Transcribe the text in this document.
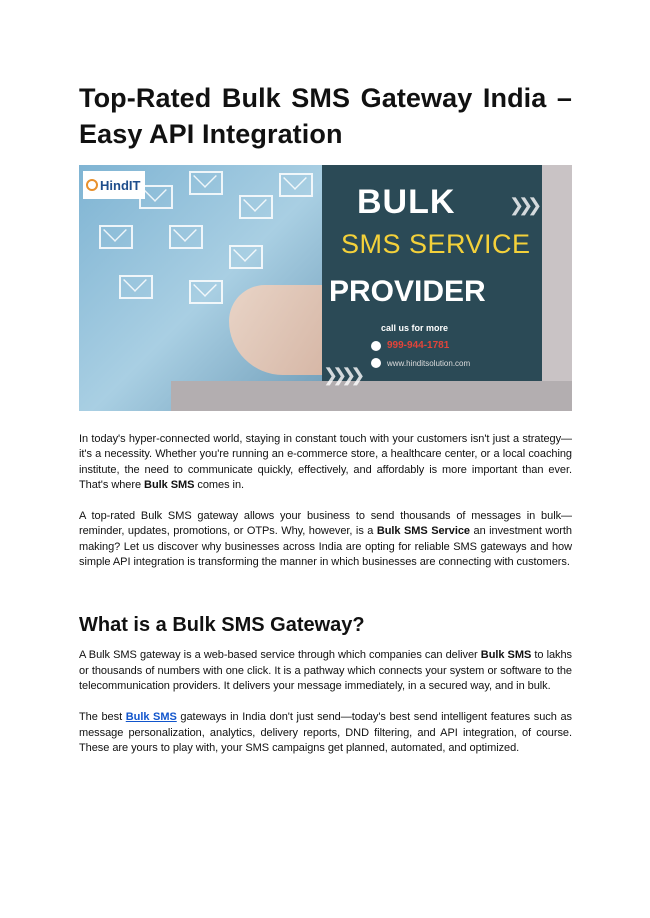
Top-Rated Bulk SMS Gateway India – Easy API Integration
❯❯❯❯
❯❯❯
HindIT	BULK
SMS SERVICE
PROVIDER
call us for more
999-944-1781
www.hinditsolution.com

In today's hyper-connected world, staying in constant touch with your customers isn't just a strategy—it's a necessity. Whether you're running an e-commerce store, a healthcare center, or a local coaching institute, the need to communicate quickly, effectively, and affordably is more important than ever. That's where Bulk SMS comes in.

A top-rated Bulk SMS gateway allows your business to send thousands of messages in bulk—reminder, updates, promotions, or OTPs. Why, however, is a Bulk SMS Service an investment worth making? Let us discover why businesses across India are opting for reliable SMS gateways and how simple API integration is transforming the manner in which businesses are connecting with customers.

What is a Bulk SMS Gateway?

A Bulk SMS gateway is a web-based service through which companies can deliver Bulk SMS to lakhs or thousands of numbers with one click. It is a pathway which connects your system or software to the telecommunication providers. It delivers your message immediately, in a secured way, and in bulk.

The best Bulk SMS gateways in India don't just send—today's best send intelligent features such as message personalization, analytics, delivery reports, DND filtering, and API integration, of course. These are yours to play with, your SMS campaigns get planned, automated, and optimized.
